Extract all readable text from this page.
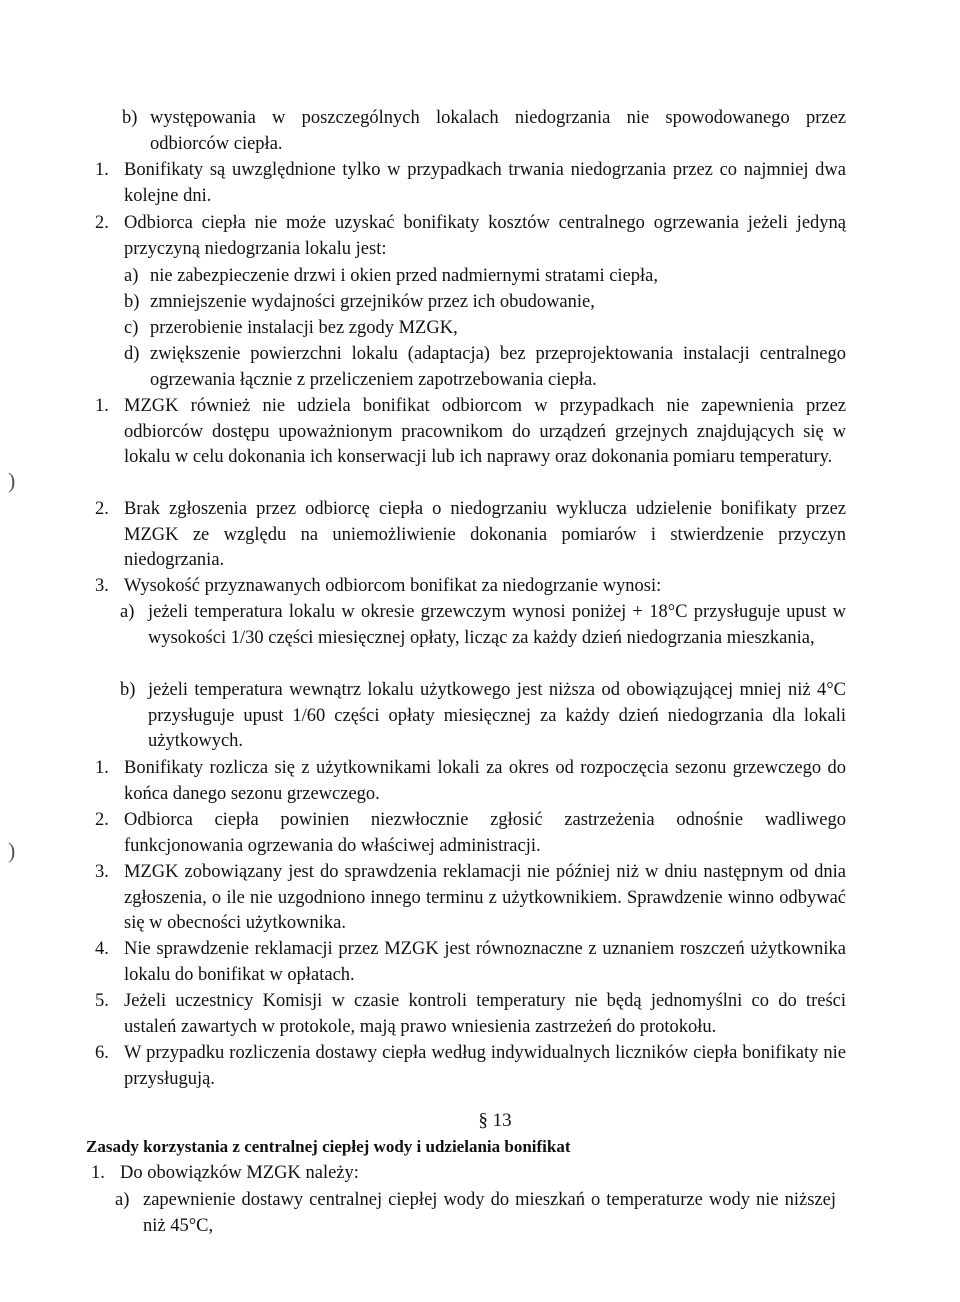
b) występowania w poszczególnych lokalach niedogrzania nie spowodowanego przez odbiorców ciepła.
1. Bonifikaty są uwzględnione tylko w przypadkach trwania niedogrzania przez co najmniej dwa kolejne dni.
2. Odbiorca ciepła nie może uzyskać bonifikaty kosztów centralnego ogrzewania jeżeli jedyną przyczyną niedogrzania lokalu jest:
a) nie zabezpieczenie drzwi i okien przed nadmiernymi stratami ciepła,
b) zmniejszenie wydajności grzejników przez ich obudowanie,
c) przerobienie instalacji bez zgody MZGK,
d) zwiększenie powierzchni lokalu (adaptacja) bez przeprojektowania instalacji centralnego ogrzewania łącznie z przeliczeniem zapotrzebowania ciepła.
1. MZGK również nie udziela bonifikat odbiorcom w przypadkach nie zapewnienia przez odbiorców dostępu upoważnionym pracownikom do urządzeń grzejnych znajdujących się w lokalu w celu dokonania ich konserwacji lub ich naprawy oraz dokonania pomiaru temperatury.
2. Brak zgłoszenia przez odbiorcę ciepła o niedogrzaniu wyklucza udzielenie bonifikaty przez MZGK ze względu na uniemożliwienie dokonania pomiarów i stwierdzenie przyczyn niedogrzania.
3. Wysokość przyznawanych odbiorcom bonifikat za niedogrzanie wynosi:
a) jeżeli temperatura lokalu w okresie grzewczym wynosi poniżej + 18°C przysługuje upust w wysokości 1/30 części miesięcznej opłaty, licząc za każdy dzień niedogrzania mieszkania,
b) jeżeli temperatura wewnątrz lokalu użytkowego jest niższa od obowiązującej mniej niż 4°C przysługuje upust 1/60 części opłaty miesięcznej za każdy dzień niedogrzania dla lokali użytkowych.
1. Bonifikaty rozlicza się z użytkownikami lokali za okres od rozpoczęcia sezonu grzewczego do końca danego sezonu grzewczego.
2. Odbiorca ciepła powinien niezwłocznie zgłosić zastrzeżenia odnośnie wadliwego funkcjonowania ogrzewania do właściwej administracji.
3. MZGK zobowiązany jest do sprawdzenia reklamacji nie później niż w dniu następnym od dnia zgłoszenia, o ile nie uzgodniono innego terminu z użytkownikiem. Sprawdzenie winno odbywać się w obecności użytkownika.
4. Nie sprawdzenie reklamacji przez MZGK jest równoznaczne z uznaniem roszczeń użytkownika lokalu do bonifikat w opłatach.
5. Jeżeli uczestnicy Komisji w czasie kontroli temperatury nie będą jednomyślni co do treści ustaleń zawartych w protokole, mają prawo wniesienia zastrzeżeń do protokołu.
6. W przypadku rozliczenia dostawy ciepła według indywidualnych liczników ciepła bonifikaty nie przysługują.
§ 13
Zasady korzystania z centralnej ciepłej wody i udzielania bonifikat
1. Do obowiązków MZGK należy:
a) zapewnienie dostawy centralnej ciepłej wody do mieszkań o temperaturze wody nie niższej niż 45°C,
)
)
